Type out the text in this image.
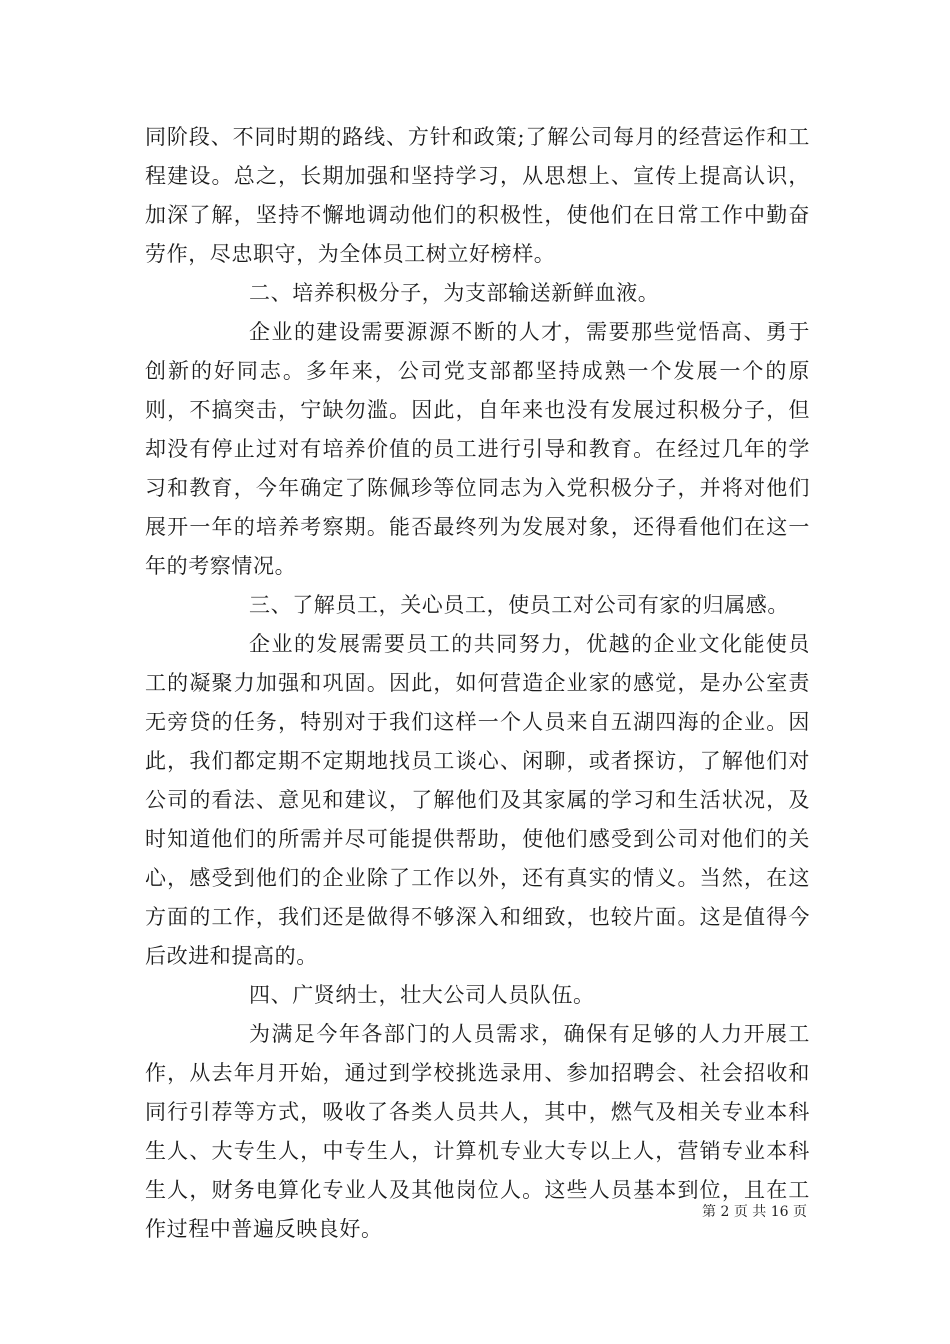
同阶段、不同时期的路线、方针和政策;了解公司每月的经营运作和工程建设。总之，长期加强和坚持学习，从思想上、宣传上提高认识，加深了解，坚持不懈地调动他们的积极性，使他们在日常工作中勤奋劳作，尽忠职守，为全体员工树立好榜样。

二、培养积极分子，为支部输送新鲜血液。

企业的建设需要源源不断的人才，需要那些觉悟高、勇于创新的好同志。多年来，公司党支部都坚持成熟一个发展一个的原则，不搞突击，宁缺勿滥。因此，自年来也没有发展过积极分子，但却没有停止过对有培养价值的员工进行引导和教育。在经过几年的学习和教育，今年确定了陈佩珍等位同志为入党积极分子，并将对他们展开一年的培养考察期。能否最终列为发展对象，还得看他们在这一年的考察情况。

三、了解员工，关心员工，使员工对公司有家的归属感。

企业的发展需要员工的共同努力，优越的企业文化能使员工的凝聚力加强和巩固。因此，如何营造企业家的感觉，是办公室责无旁贷的任务，特别对于我们这样一个人员来自五湖四海的企业。因此，我们都定期不定期地找员工谈心、闲聊，或者探访，了解他们对公司的看法、意见和建议，了解他们及其家属的学习和生活状况，及时知道他们的所需并尽可能提供帮助，使他们感受到公司对他们的关心，感受到他们的企业除了工作以外，还有真实的情义。当然，在这方面的工作，我们还是做得不够深入和细致，也较片面。这是值得今后改进和提高的。

四、广贤纳士，壮大公司人员队伍。

为满足今年各部门的人员需求，确保有足够的人力开展工作，从去年月开始，通过到学校挑选录用、参加招聘会、社会招收和同行引荐等方式，吸收了各类人员共人，其中，燃气及相关专业本科生人、大专生人，中专生人，计算机专业大专以上人，营销专业本科生人，财务电算化专业人及其他岗位人。这些人员基本到位，且在工作过程中普遍反映良好。

第 2 页 共 16 页
